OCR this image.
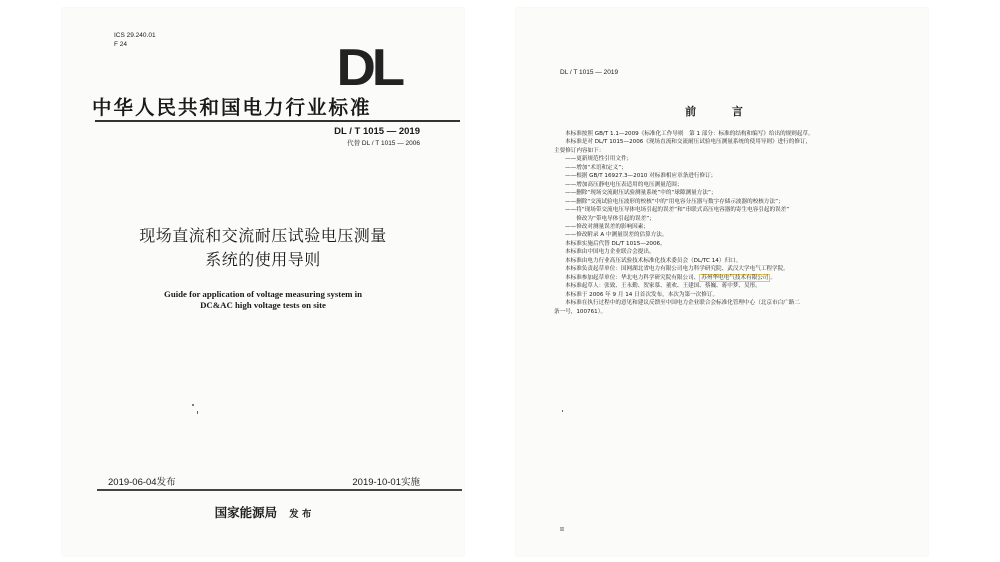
ICS 29.240.01
F 24	DL
中华人民共和国电力行业标准
DL / T 1015 — 2019
代替 DL / T 1015 — 2006
现场直流和交流耐压试验电压测量
系统的使用导则
Guide for application of voltage measuring system in
DC&AC high voltage tests on site
2019-06-04发布	2019-10-01实施
国家能源局 发 布
DL / T 1015 — 2019
前 言
本标准按照 GB/T 1.1—2009《标准化工作导则　第 1 部分：标准的结构和编写》给出的规则起草。
本标准是对 DL/T 1015—2006《现场直流和交流耐压试验电压测量系统的使用导则》进行的修订，
主要修订内容如下：
——更新规范性引用文件；
——增加“术语和定义”；
——根据 GB/T 16927.3—2010 对标准相应章条进行修订；
——增加高压静电电压表适用的电压测量范围；
——删除“现场交流耐压试验测量系统”中的“球隙测量方法”；
——删除“交流试验电压波形的校核”中的“用电容分压器与数字存储示波器的校核方法”；
——将“现场带交流电压导体电场引起的误差”和“串联式高压电容器的寄生电容引起的误差”
　　修改为“带电导体引起的误差”；
——修改对测量误差的影响因素；
——修改附录 A 中测量误差的估算方法。
本标准实施后代替 DL/T 1015—2006。
本标准由中国电力企业联合会提出。
本标准由电力行业高压试验技术标准化技术委员会（DL/TC 14）归口。
本标准负责起草单位：国网湖北省电力有限公司电力科学研究院、武汉大学电气工程学院。
本标准参加起草单位：华北电力科学研究院有限公司、 苏州华电电气技术有限公司 。
本标准起草人：张致、王永勤、贺家慕、董欢、王建国、蔡巍、蒋中梦、吴彤。
本标准于 2006 年 9 月 14 日首次发布，本次为第一次修订。
本标准在执行过程中的意见和建议反馈至中国电力企业联合会标准化管理中心（北京市白广路二
条一号，100761）。
II
